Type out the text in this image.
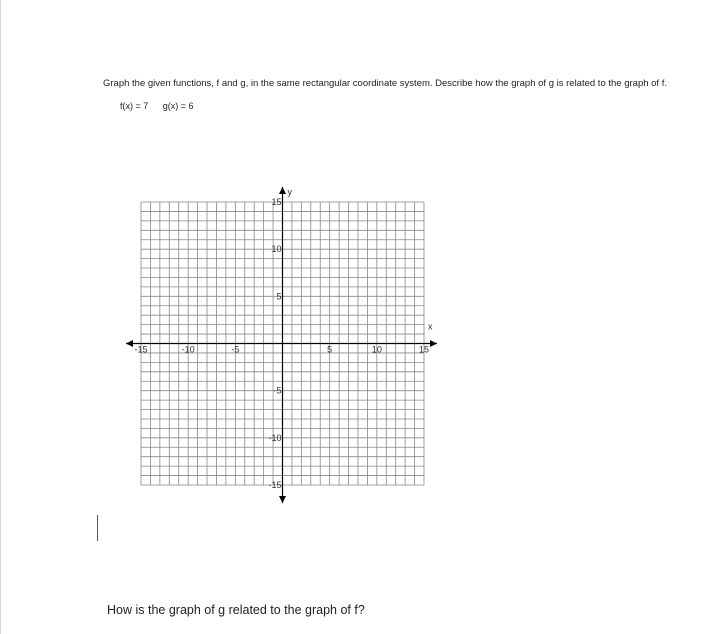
Graph the given functions, f and g, in the same rectangular coordinate system. Describe how the graph of g is related to the graph of f.
f(x) = 7 g(x) = 6
x
y
-15	-10	-5	5	10	15
15
10
5
-5
-10
-15
How is the graph of g related to the graph of f?
